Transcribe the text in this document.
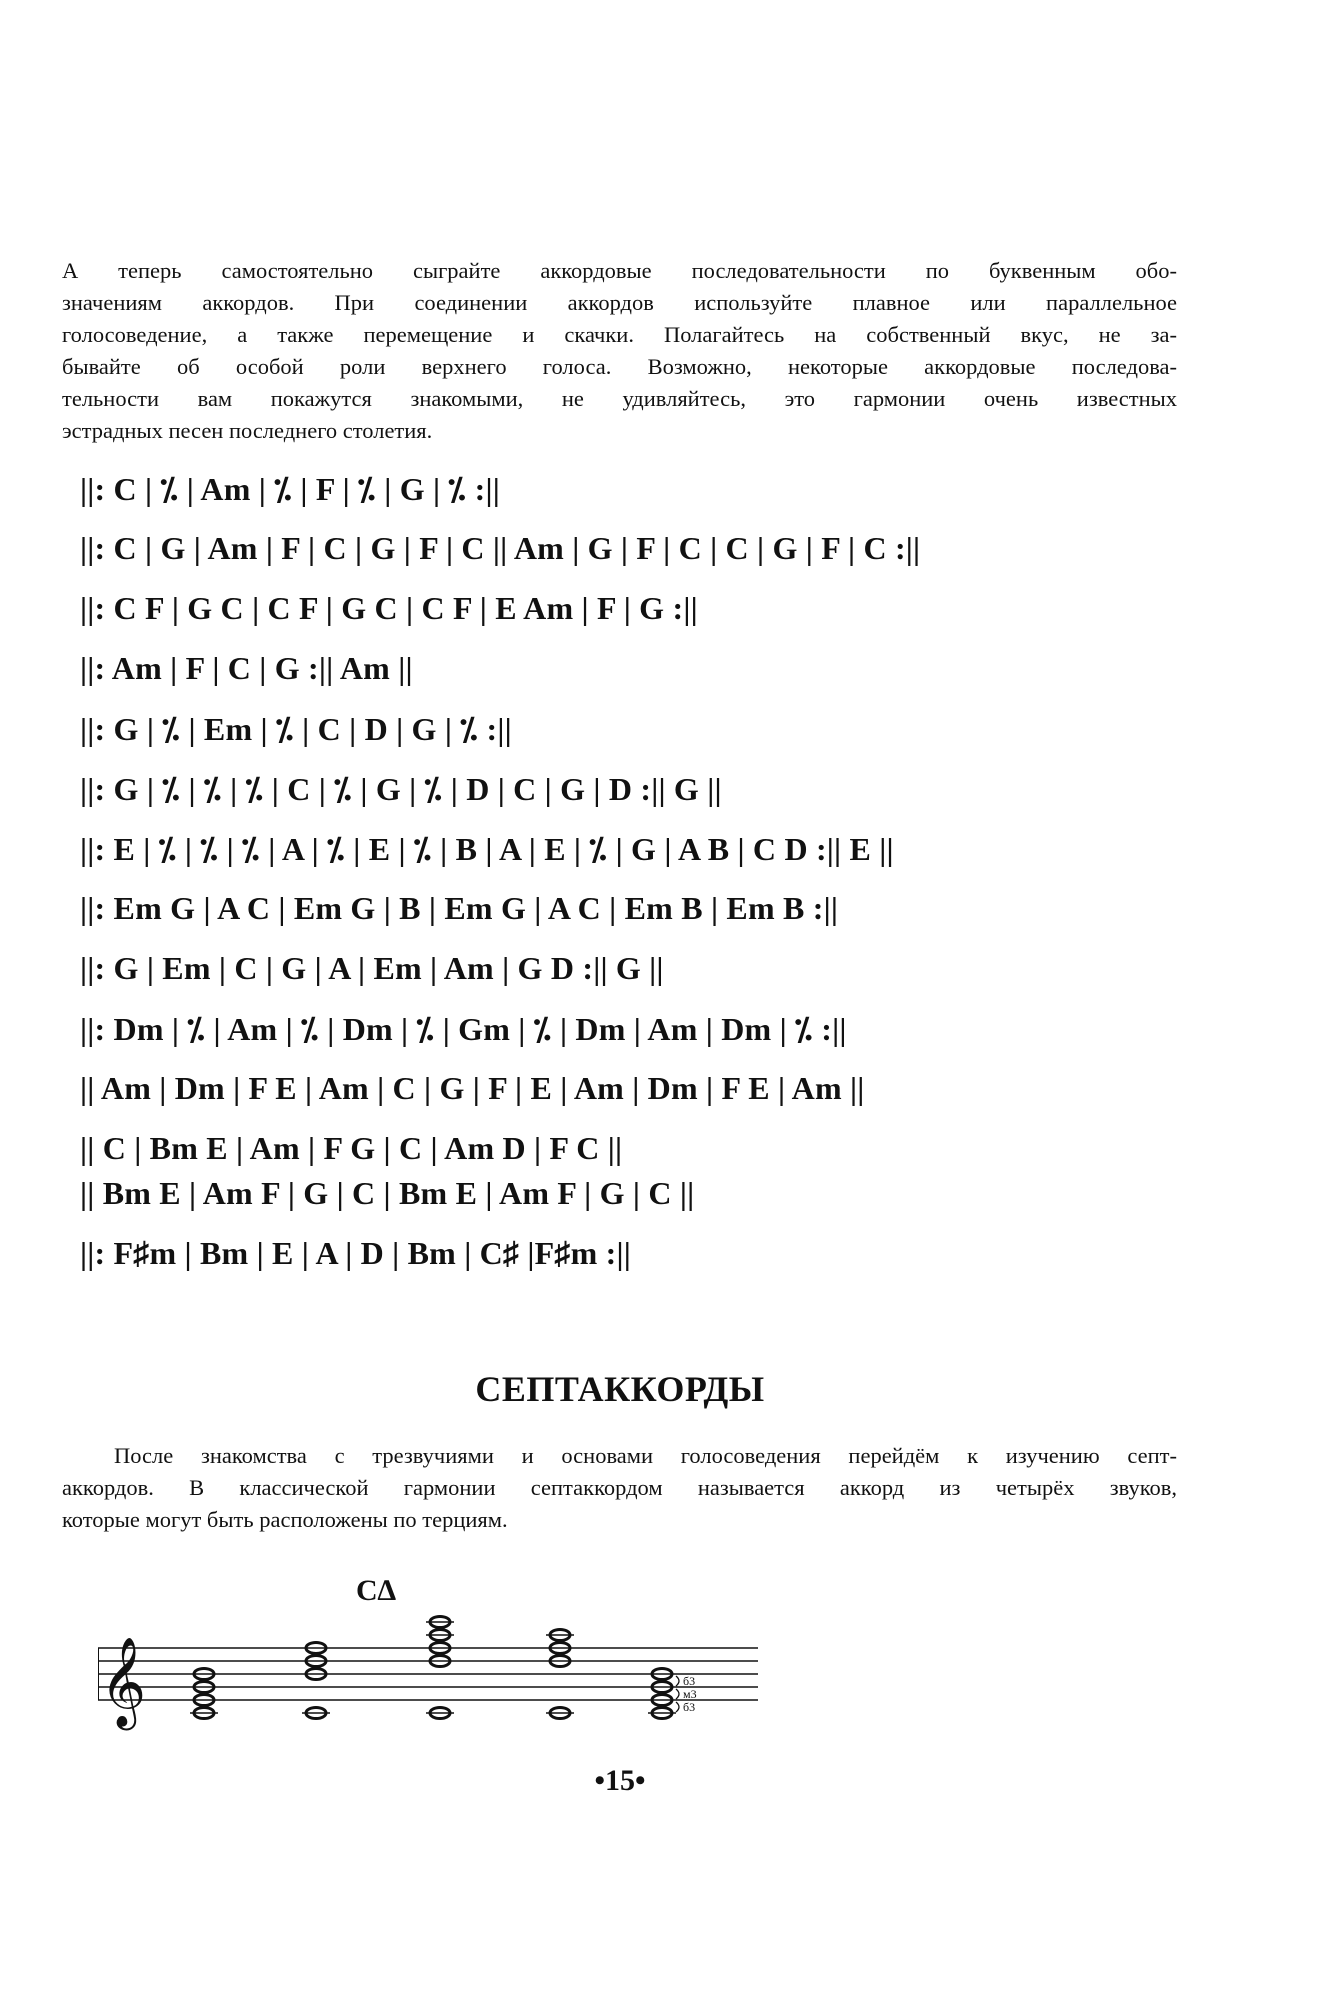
А теперь самостоятельно сыграйте аккордовые последовательности по буквенным обо-
значениям аккордов. При соединении аккордов используйте плавное или параллельное
голосоведение, а также перемещение и скачки. Полагайтесь на собственный вкус, не за-
бывайте об особой роли верхнего голоса. Возможно, некоторые аккордовые последова-
тельности вам покажутся знакомыми, не удивляйтесь, это гармонии очень известных
эстрадных песен последнего столетия.
||: C | ⁒ | Am | ⁒ | F | ⁒ | G | ⁒ :||
||: C | G | Am | F | C | G | F | C || Am | G | F | C | C | G | F | C :||
||: C F | G C | C F | G C | C F | E Am | F | G :||
||: Am | F | C | G :|| Am ||
||: G | ⁒ | Em | ⁒ | C | D | G | ⁒ :||
||: G | ⁒ | ⁒ | ⁒ | C | ⁒ | G | ⁒ | D | C | G | D :|| G ||
||: E | ⁒ | ⁒ | ⁒ | A | ⁒ | E | ⁒ | B | A | E | ⁒ | G | A B | C D :|| E ||
||: Em G | A C | Em G | B | Em G | A C | Em B | Em B :||
||: G | Em | C | G | A | Em | Am | G D :|| G ||
||: Dm | ⁒ | Am | ⁒ | Dm | ⁒ | Gm | ⁒ | Dm | Am | Dm | ⁒ :||
|| Am | Dm | F E | Am | C | G | F | E | Am | Dm | F E | Am ||
|| C | Bm E | Am | F G | C | Am D | F C ||
|| Bm E | Am F | G | C | Bm E | Am F | G | C ||
||: F♯m | Bm | E | A | D | Bm | C♯ |F♯m :||
СЕПТАККОРДЫ
После знакомства с трезвучиями и основами голосоведения перейдём к изучению септ-
аккордов. В классической гармонии септаккордом называется аккорд из четырёх звуков,
которые могут быть расположены по терциям.
C∆
𝄞	б3
м3
б3
•15•
